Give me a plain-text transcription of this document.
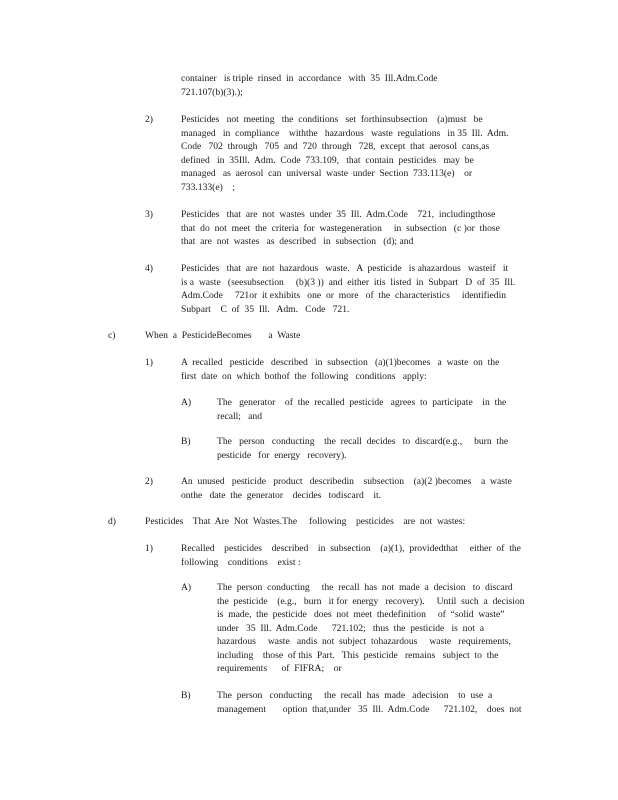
container   is triple  rinsed  in  accordance   with  35  Ill.Adm.Code
721.107(b)(3).);
2)	Pesticides   not  meeting   the  conditions   set  forthinsubsection    (a)must   be
managed   in  compliance    withthe   hazardous   waste  regulations   in 35  Ill.  Adm.
Code   702  through   705  and  720  through   728,  except  that  aerosol  cans,as
defined   in  35Ill.  Adm.  Code  733.109,   that  contain  pesticides   may  be
managed   as  aerosol  can  universal  waste  under  Section  733.113(e)    or
733.133(e)    ;
3)	Pesticides   that  are  not  wastes  under  35  Ill.  Adm.Code    721,  includingthose
that  do  not  meet  the  criteria  for  wastegeneration     in  subsection   (c )or  those
that  are  not  wastes   as  described   in  subsection   (d); and
4)	Pesticides   that  are  not  hazardous   waste.   A  pesticide   is ahazardous   wasteif   it
is a  waste   (seesubsection     (b)(3 ))  and  either  itis  listed  in  Subpart   D  of  35  Ill.
Adm.Code     721or  it exhibits   one  or  more   of  the  characteristics     identifiedin
Subpart    C  of  35  Ill.   Adm.   Code   721.
c)	When  a  PesticideBecomes       a  Waste
1)	A  recalled   pesticide   described   in  subsection   (a)(1)becomes   a  waste  on  the
first  date  on  which  bothof  the  following   conditions   apply:
A)	The   generator    of  the  recalled  pesticide   agrees  to  participate    in  the
recall;   and
B)	The   person   conducting    the  recall  decides   to  discard(e.g.,     burn  the
pesticide   for  energy   recovery).
2)	An  unused   pesticide   product   describedin    subsection    (a)(2 )becomes    a  waste
onthe   date  the  generator    decides   todiscard    it.
d)	Pesticides    That  Are  Not  Wastes.The     following    pesticides    are  not  wastes:
1)	Recalled    pesticides    described    in  subsection    (a)(1),  providedthat     either  of  the
following    conditions    exist :
A)	The  person  conducting     the  recall  has  not  made  a  decision   to  discard
the  pesticide    (e.g.,   burn   it for  energy   recovery).     Until  such  a  decision
is  made,  the  pesticide   does  not  meet  thedefinition     of  “solid  waste”
under   35  Ill.  Adm.Code      721.102;   thus  the  pesticide   is  not  a
hazardous     waste   andis  not  subject  tohazardous     waste   requirements,
including    those  of this  Part.   This  pesticide   remains   subject  to  the
requirements      of  FIFRA;    or
B)	The  person   conducting     the  recall  has  made   adecision    to  use  a
management       option  that,under   35  Ill.  Adm.Code      721.102,    does  not
